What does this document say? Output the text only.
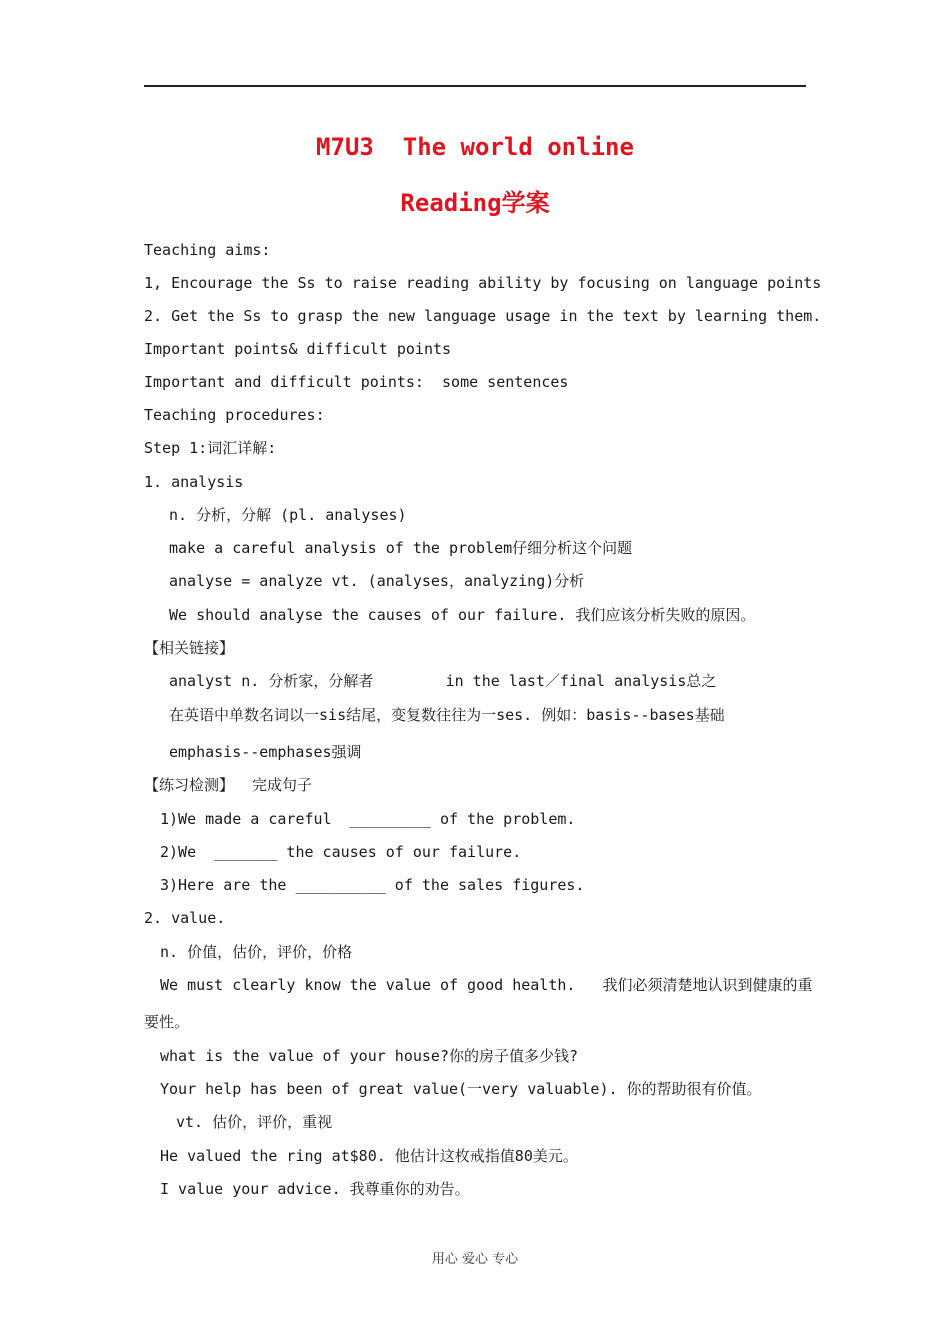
M7U3  The world online
Reading学案
Teaching aims:
1, Encourage the Ss to raise reading ability by focusing on language points
2. Get the Ss to grasp the new language usage in the text by learning them.
Important points& difficult points
Important and difficult points:  some sentences
Teaching procedures:
Step 1:词汇详解:
1. analysis
n. 分析，分解 (pl. analyses)
make a careful analysis of the problem仔细分析这个问题
analyse = analyze vt. (analyses，analyzing)分析
We should analyse the causes of our failure. 我们应该分析失败的原因。
【相关链接】
analyst n. 分析家，分解者        in the last／final analysis总之
在英语中单数名词以一sis结尾，变复数往往为一ses. 例如：basis--bases基础
emphasis--emphases强调
【练习检测】  完成句子
1)We made a careful  _________ of the problem.
2)We  _______ the causes of our failure.
3)Here are the __________ of the sales figures.
2. value.
n. 价值，估价，评价，价格
We must clearly know the value of good health.   我们必须清楚地认识到健康的重
要性。
what is the value of your house?你的房子值多少钱?
Your help has been of great value(一very valuable). 你的帮助很有价值。
vt. 估价，评价，重视
He valued the ring at$80. 他估计这枚戒指值80美元。
I value your advice. 我尊重你的劝告。
用心 爱心 专心
